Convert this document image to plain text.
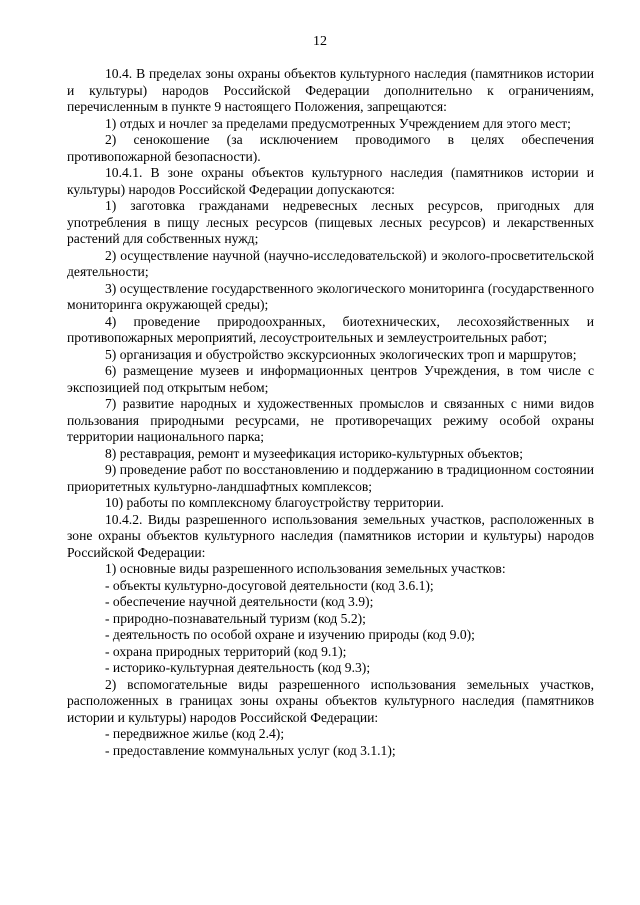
12

10.4. В пределах зоны охраны объектов культурного наследия (памятников истории и культуры) народов Российской Федерации дополнительно к ограничениям, перечисленным в пункте 9 настоящего Положения, запрещаются:

1) отдых и ночлег за пределами предусмотренных Учреждением для этого мест;

2) сенокошение (за исключением проводимого в целях обеспечения противопожарной безопасности).

10.4.1. В зоне охраны объектов культурного наследия (памятников истории и культуры) народов Российской Федерации допускаются:

1) заготовка гражданами недревесных лесных ресурсов, пригодных для употребления в пищу лесных ресурсов (пищевых лесных ресурсов) и лекарственных растений для собственных нужд;

2) осуществление научной (научно-исследовательской) и эколого-просветительской деятельности;

3) осуществление государственного экологического мониторинга (государственного мониторинга окружающей среды);

4) проведение природоохранных, биотехнических, лесохозяйственных и противопожарных мероприятий, лесоустроительных и землеустроительных работ;

5) организация и обустройство экскурсионных экологических троп и маршрутов;

6) размещение музеев и информационных центров Учреждения, в том числе с экспозицией под открытым небом;

7) развитие народных и художественных промыслов и связанных с ними видов пользования природными ресурсами, не противоречащих режиму особой охраны территории национального парка;

8) реставрация, ремонт и музеефикация историко-культурных объектов;

9) проведение работ по восстановлению и поддержанию в традиционном состоянии приоритетных культурно-ландшафтных комплексов;

10) работы по комплексному благоустройству территории.

10.4.2. Виды разрешенного использования земельных участков, расположенных в зоне охраны объектов культурного наследия (памятников истории и культуры) народов Российской Федерации:

1) основные виды разрешенного использования земельных участков:

- объекты культурно-досуговой деятельности (код 3.6.1);

- обеспечение научной деятельности (код 3.9);

- природно-познавательный туризм (код 5.2);

- деятельность по особой охране и изучению природы (код 9.0);

- охрана природных территорий (код 9.1);

- историко-культурная деятельность (код 9.3);

2) вспомогательные виды разрешенного использования земельных участков, расположенных в границах зоны охраны объектов культурного наследия (памятников истории и культуры) народов Российской Федерации:

- передвижное жилье (код 2.4);

- предоставление коммунальных услуг (код 3.1.1);
